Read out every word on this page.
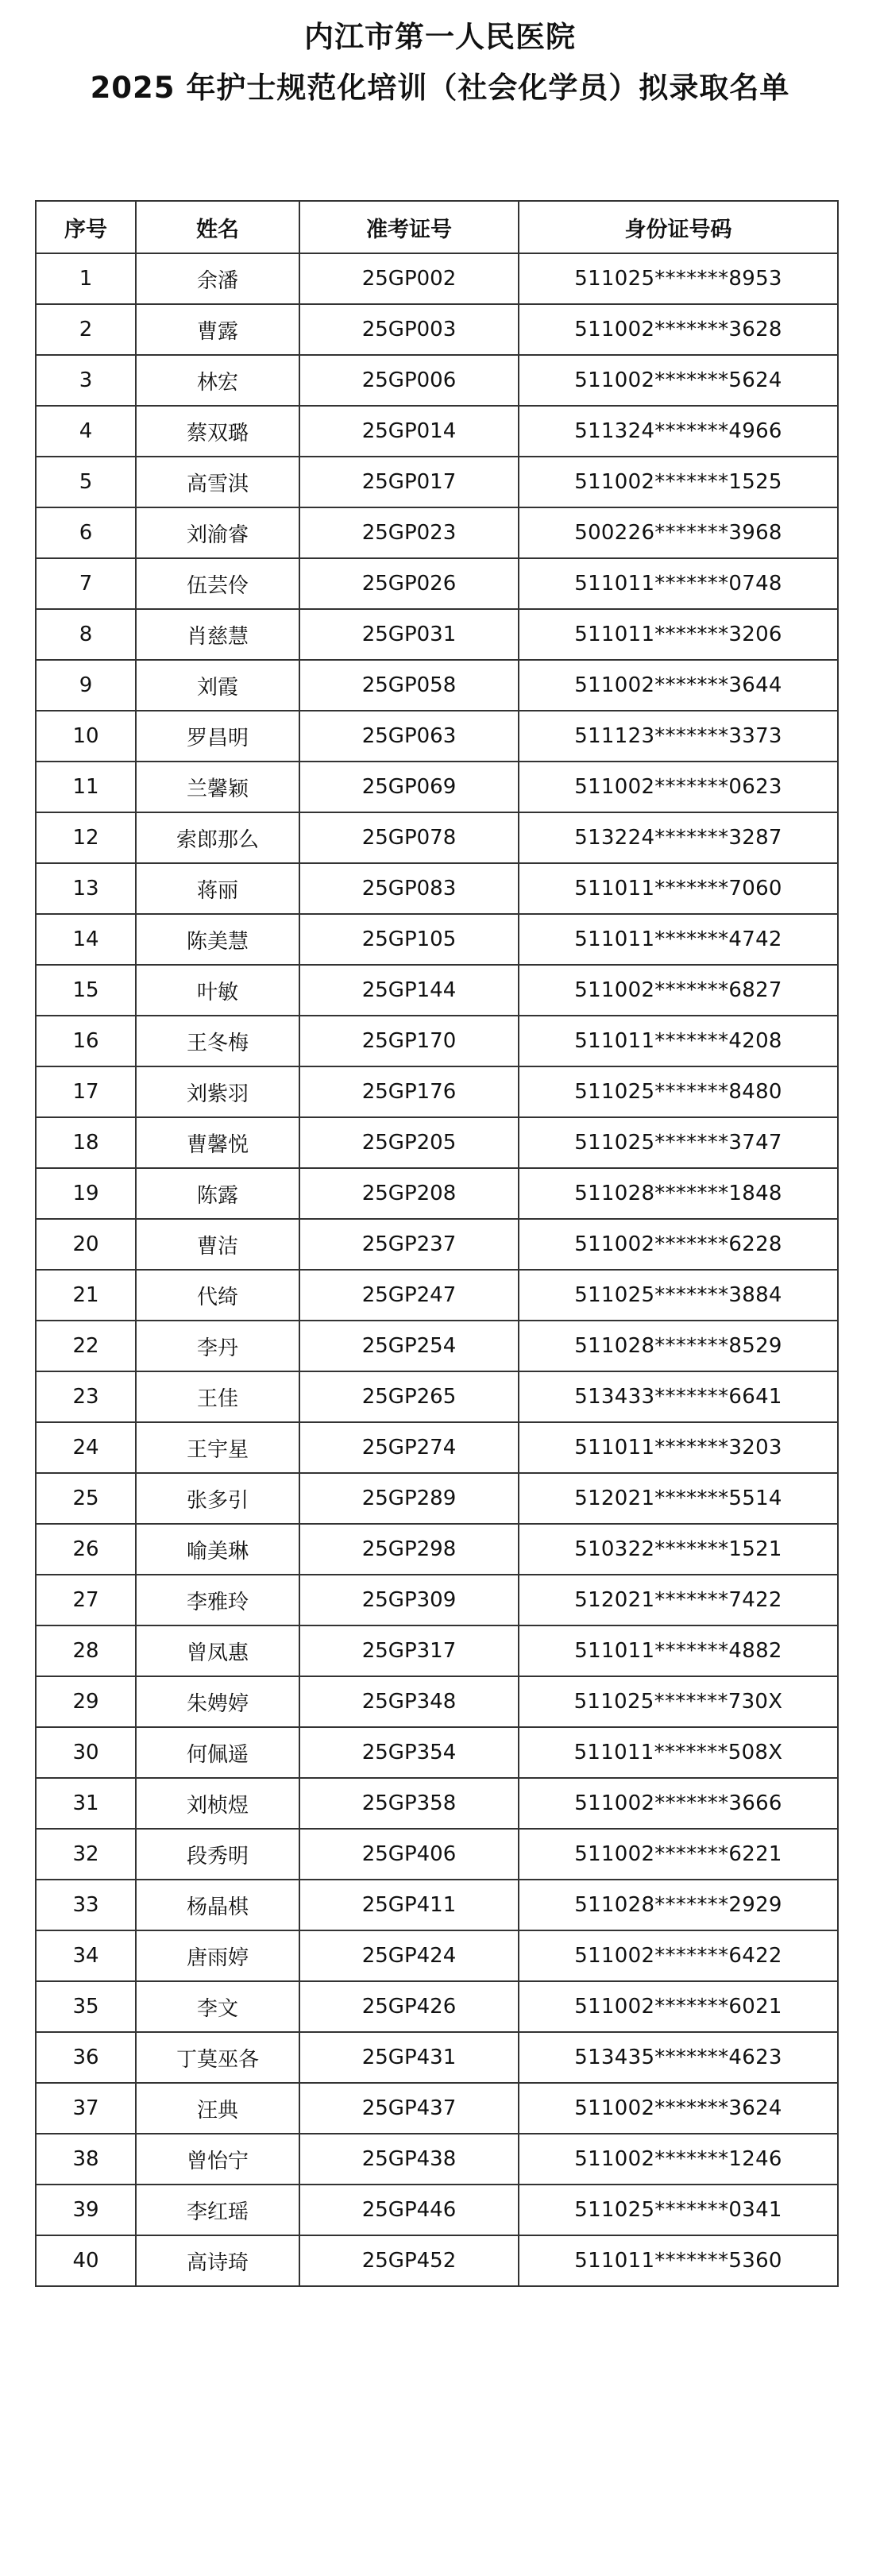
内江市第一人民医院
2025 年护士规范化培训（社会化学员）拟录取名单
序号	姓名	准考证号	身份证号码
1	余潘	25GP002	511025*******8953
2	曹露	25GP003	511002*******3628
3	林宏	25GP006	511002*******5624
4	蔡双璐	25GP014	511324*******4966
5	高雪淇	25GP017	511002*******1525
6	刘渝睿	25GP023	500226*******3968
7	伍芸伶	25GP026	511011*******0748
8	肖慈慧	25GP031	511011*******3206
9	刘霞	25GP058	511002*******3644
10	罗昌明	25GP063	511123*******3373
11	兰馨颖	25GP069	511002*******0623
12	索郎那么	25GP078	513224*******3287
13	蒋丽	25GP083	511011*******7060
14	陈美慧	25GP105	511011*******4742
15	叶敏	25GP144	511002*******6827
16	王冬梅	25GP170	511011*******4208
17	刘紫羽	25GP176	511025*******8480
18	曹馨悦	25GP205	511025*******3747
19	陈露	25GP208	511028*******1848
20	曹洁	25GP237	511002*******6228
21	代绮	25GP247	511025*******3884
22	李丹	25GP254	511028*******8529
23	王佳	25GP265	513433*******6641
24	王宇星	25GP274	511011*******3203
25	张多引	25GP289	512021*******5514
26	喻美琳	25GP298	510322*******1521
27	李雅玲	25GP309	512021*******7422
28	曾凤惠	25GP317	511011*******4882
29	朱娉婷	25GP348	511025*******730X
30	何佩遥	25GP354	511011*******508X
31	刘桢煜	25GP358	511002*******3666
32	段秀明	25GP406	511002*******6221
33	杨晶棋	25GP411	511028*******2929
34	唐雨婷	25GP424	511002*******6422
35	李文	25GP426	511002*******6021
36	丁莫巫各	25GP431	513435*******4623
37	汪典	25GP437	511002*******3624
38	曾怡宁	25GP438	511002*******1246
39	李红瑶	25GP446	511025*******0341
40	高诗琦	25GP452	511011*******5360
